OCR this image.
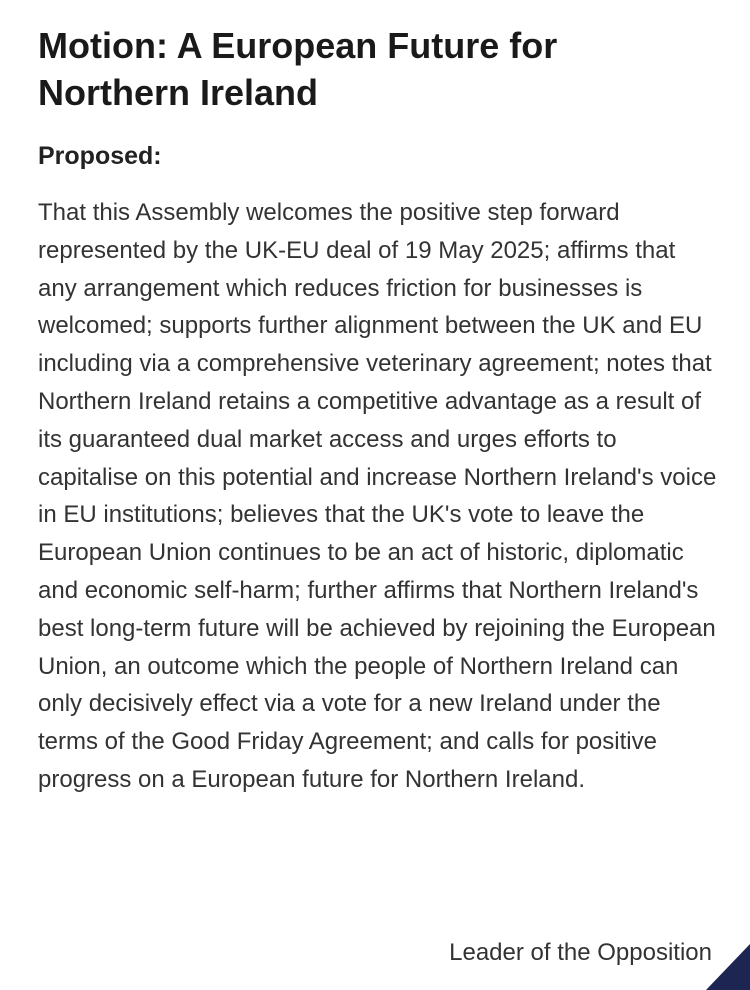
Motion: A European Future for Northern Ireland
Proposed:

That this Assembly welcomes the positive step forward represented by the UK-EU deal of 19 May 2025; affirms that any arrangement which reduces friction for businesses is welcomed; supports further alignment between the UK and EU including via a comprehensive veterinary agreement; notes that Northern Ireland retains a competitive advantage as a result of its guaranteed dual market access and urges efforts to capitalise on this potential and increase Northern Ireland's voice in EU institutions; believes that the UK's vote to leave the European Union continues to be an act of historic, diplomatic and economic self-harm; further affirms that Northern Ireland's best long-term future will be achieved by rejoining the European Union, an outcome which the people of Northern Ireland can only decisively effect via a vote for a new Ireland under the terms of the Good Friday Agreement; and calls for positive progress on a European future for Northern Ireland.

Leader of the Opposition
